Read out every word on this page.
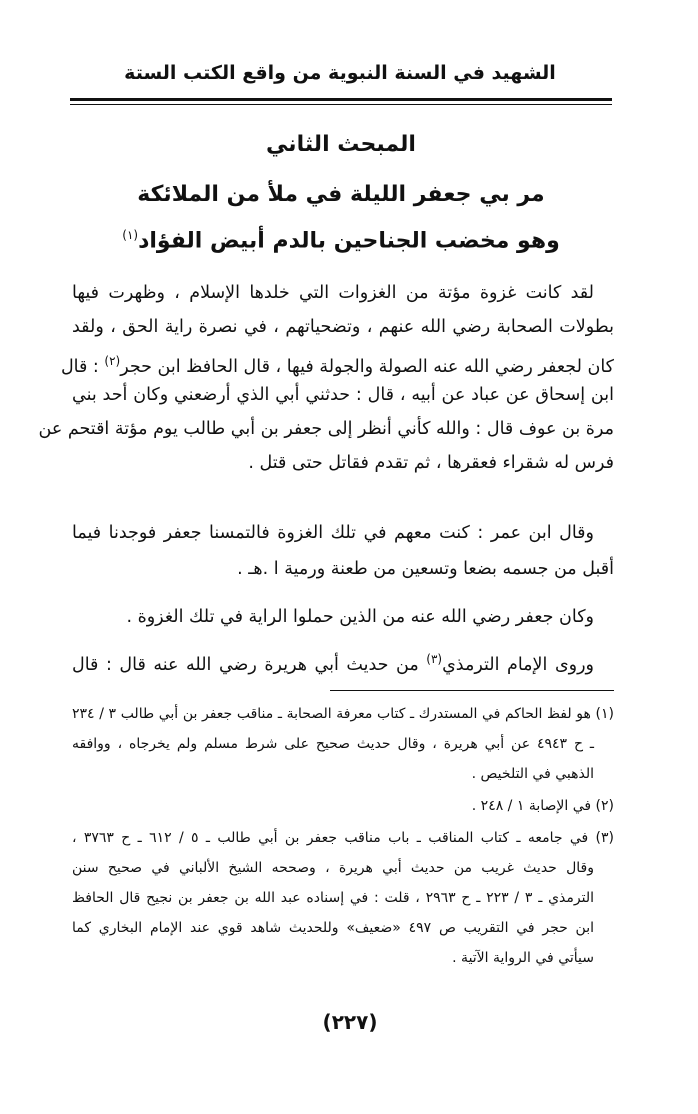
الشهيد في السنة النبوية من واقع الكتب الستة
المبحث الثاني
مر بي جعفر الليلة في ملأ من الملائكة
وهو مخضب الجناحين بالدم أبيض الفؤاد$^{(١)}$
لقد كانت غزوة مؤتة من الغزوات التي خلدها الإسلام ، وظهرت فيها
بطولات الصحابة رضي الله عنهم ، وتضحياتهم ، في نصرة راية الحق ، ولقد
كان لجعفر رضي الله عنه الصولة والجولة فيها ، قال الحافظ ابن حجر$^{(٢)}$ : قال
ابن إسحاق عن عباد عن أبيه ، قال : حدثني أبي الذي أرضعني وكان أحد بني
مرة بن عوف قال : والله كأني أنظر إلى جعفر بن أبي طالب يوم مؤتة اقتحم عن
فرس له شقراء فعقرها ، ثم تقدم فقاتل حتى قتل .
وقال ابن عمر : كنت معهم في تلك الغزوة فالتمسنا جعفر فوجدنا فيما
أقبل من جسمه بضعا وتسعين من طعنة ورمية ا .هـ .
وكان جعفر رضي الله عنه من الذين حملوا الراية في تلك الغزوة .
وروى الإمام الترمذي$^{(٣)}$ من حديث أبي هريرة رضي الله عنه قال : قال
(١) هو لفظ الحاكم في المستدرك ـ كتاب معرفة الصحابة ـ مناقب جعفر بن أبي طالب ٣ / ٢٣٤
ـ ح ٤٩٤٣ عن أبي هريرة ، وقال حديث صحيح على شرط مسلم ولم يخرجاه ، ووافقه
الذهبي في التلخيص .
(٢) في الإصابة ١ / ٢٤٨ .
(٣) في جامعه ـ كتاب المناقب ـ باب مناقب جعفر بن أبي طالب ـ ٥ / ٦١٢ ـ ح ٣٧٦٣ ،
وقال حديث غريب من حديث أبي هريرة ، وصححه الشيخ الألباني في صحيح سنن
الترمذي ـ ٣ / ٢٢٣ ـ ح ٢٩٦٣ ، قلت : في إسناده عبد الله بن جعفر بن نجيح قال الحافظ
ابن حجر في التقريب ص ٤٩٧ «ضعيف» وللحديث شاهد قوي عند الإمام البخاري كما
سيأتي في الرواية الآتية .
(٢٢٧)
